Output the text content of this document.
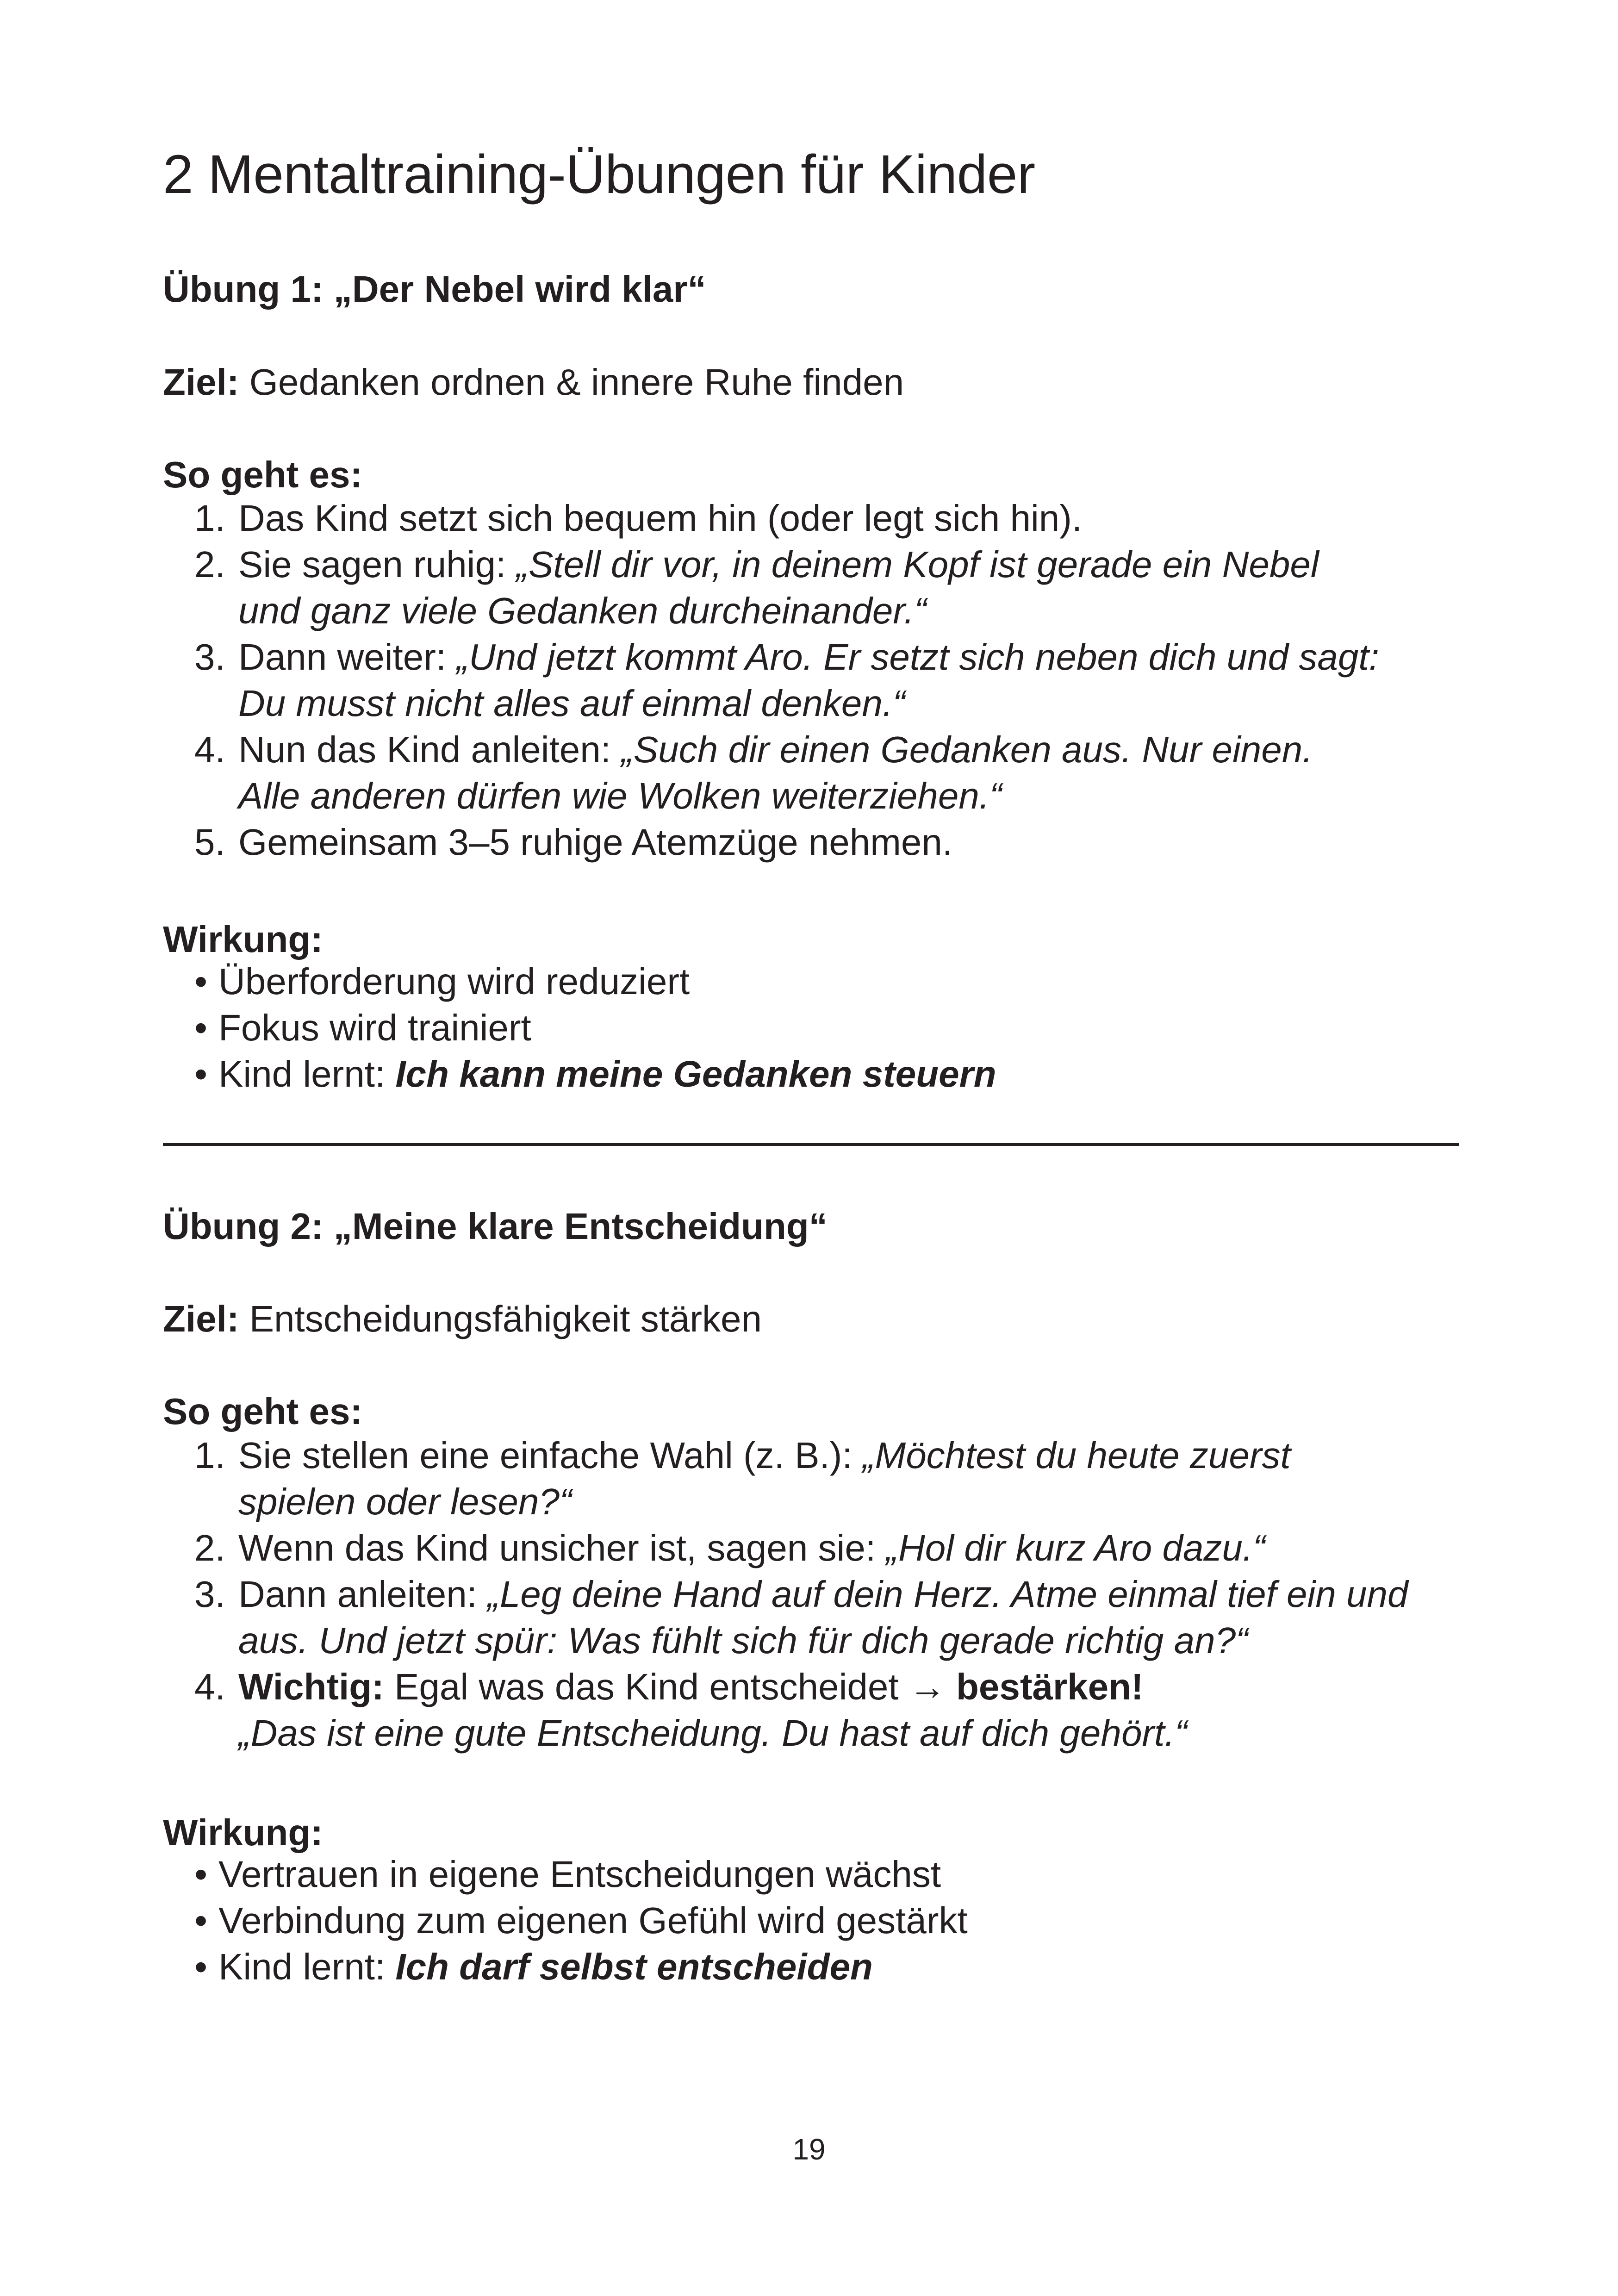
2 Mentaltraining-Übungen für Kinder
Übung 1: „Der Nebel wird klar“

Ziel: Gedanken ordnen & innere Ruhe finden

So geht es:
1. Das Kind setzt sich bequem hin (oder legt sich hin).
2. Sie sagen ruhig: „Stell dir vor, in deinem Kopf ist gerade ein Nebel
und ganz viele Gedanken durcheinander.“
3. Dann weiter: „Und jetzt kommt Aro. Er setzt sich neben dich und sagt:
Du musst nicht alles auf einmal denken.“
4. Nun das Kind anleiten: „Such dir einen Gedanken aus. Nur einen.
Alle anderen dürfen wie Wolken weiterziehen.“
5. Gemeinsam 3–5 ruhige Atemzüge nehmen.
Wirkung:
• Überforderung wird reduziert
• Fokus wird trainiert
• Kind lernt: Ich kann meine Gedanken steuern
Übung 2: „Meine klare Entscheidung“

Ziel: Entscheidungsfähigkeit stärken

So geht es:
1. Sie stellen eine einfache Wahl (z. B.): „Möchtest du heute zuerst
spielen oder lesen?“
2. Wenn das Kind unsicher ist, sagen sie: „Hol dir kurz Aro dazu.“
3. Dann anleiten: „Leg deine Hand auf dein Herz. Atme einmal tief ein und
aus. Und jetzt spür: Was fühlt sich für dich gerade richtig an?“
4. Wichtig: Egal was das Kind entscheidet → bestärken!
„Das ist eine gute Entscheidung. Du hast auf dich gehört.“
Wirkung:
• Vertrauen in eigene Entscheidungen wächst
• Verbindung zum eigenen Gefühl wird gestärkt
• Kind lernt: Ich darf selbst entscheiden
19
